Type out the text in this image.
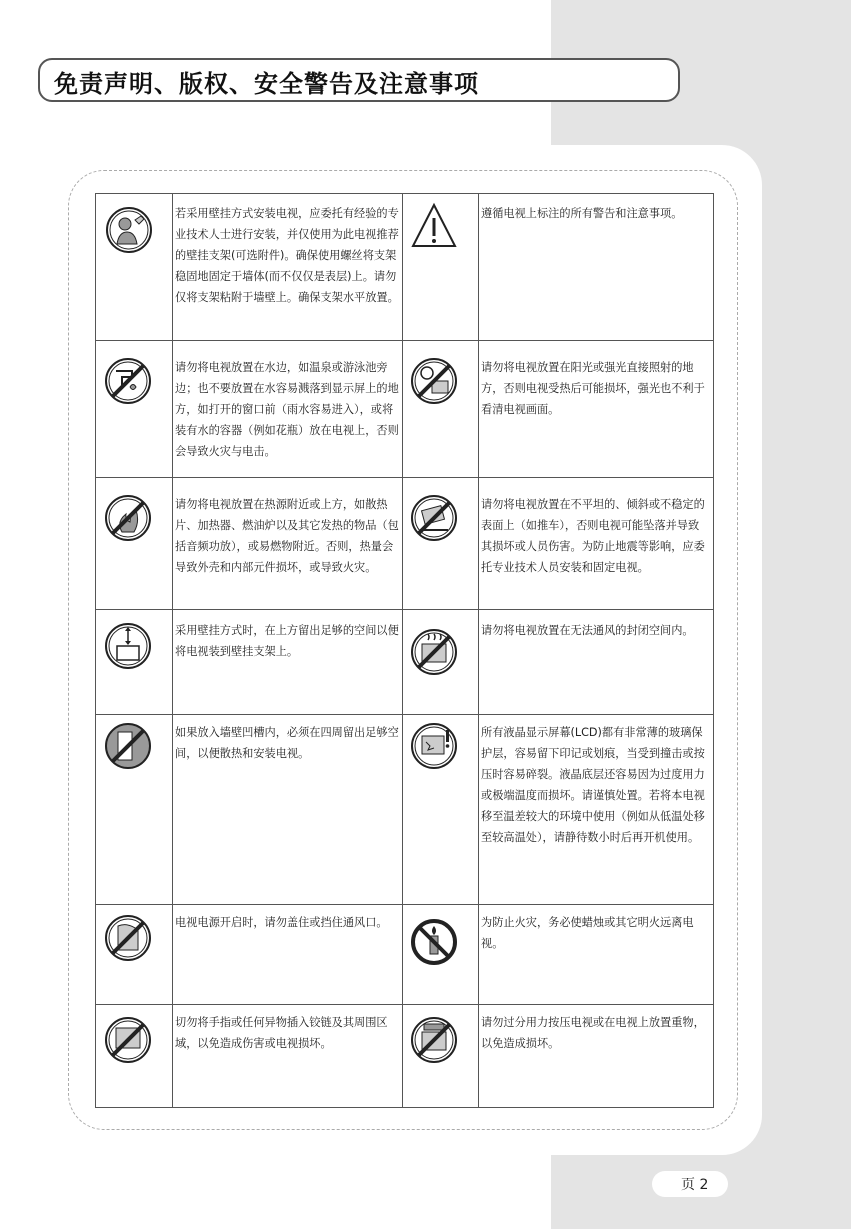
免责声明、版权、安全警告及注意事项
若采用壁挂方式安装电视，应委托有经验的专业技术人士进行安装，并仅使用为此电视推荐的壁挂支架(可选附件)。确保使用螺丝将支架稳固地固定于墙体(而不仅仅是表层)上。请勿仅将支架粘附于墙壁上。确保支架水平放置。
遵循电视上标注的所有警告和注意事项。
请勿将电视放置在水边，如温泉或游泳池旁边；也不要放置在水容易溅落到显示屏上的地方，如打开的窗口前（雨水容易进入），或将装有水的容器（例如花瓶）放在电视上，否则会导致火灾与电击。
请勿将电视放置在阳光或强光直接照射的地方，否则电视受热后可能损坏，强光也不利于看清电视画面。
请勿将电视放置在热源附近或上方，如散热片、加热器、燃油炉以及其它发热的物品（包括音频功放），或易燃物附近。否则，热量会导致外壳和内部元件损坏，或导致火灾。
请勿将电视放置在不平坦的、倾斜或不稳定的表面上（如推车），否则电视可能坠落并导致其损坏或人员伤害。为防止地震等影响，应委托专业技术人员安装和固定电视。
采用壁挂方式时，在上方留出足够的空间以便将电视装到壁挂支架上。
请勿将电视放置在无法通风的封闭空间内。
如果放入墙壁凹槽内，必须在四周留出足够空间，以便散热和安装电视。
所有液晶显示屏幕(LCD)都有非常薄的玻璃保护层，容易留下印记或划痕，当受到撞击或按压时容易碎裂。液晶底层还容易因为过度用力或极端温度而损坏。请谨慎处置。若将本电视移至温差较大的环境中使用（例如从低温处移至较高温处），请静待数小时后再开机使用。
电视电源开启时，请勿盖住或挡住通风口。	为防止火灾，务必使蜡烛或其它明火远离电视。
切勿将手指或任何异物插入铰链及其周围区域，以免造成伤害或电视损坏。
请勿过分用力按压电视或在电视上放置重物，以免造成损坏。
页 2
